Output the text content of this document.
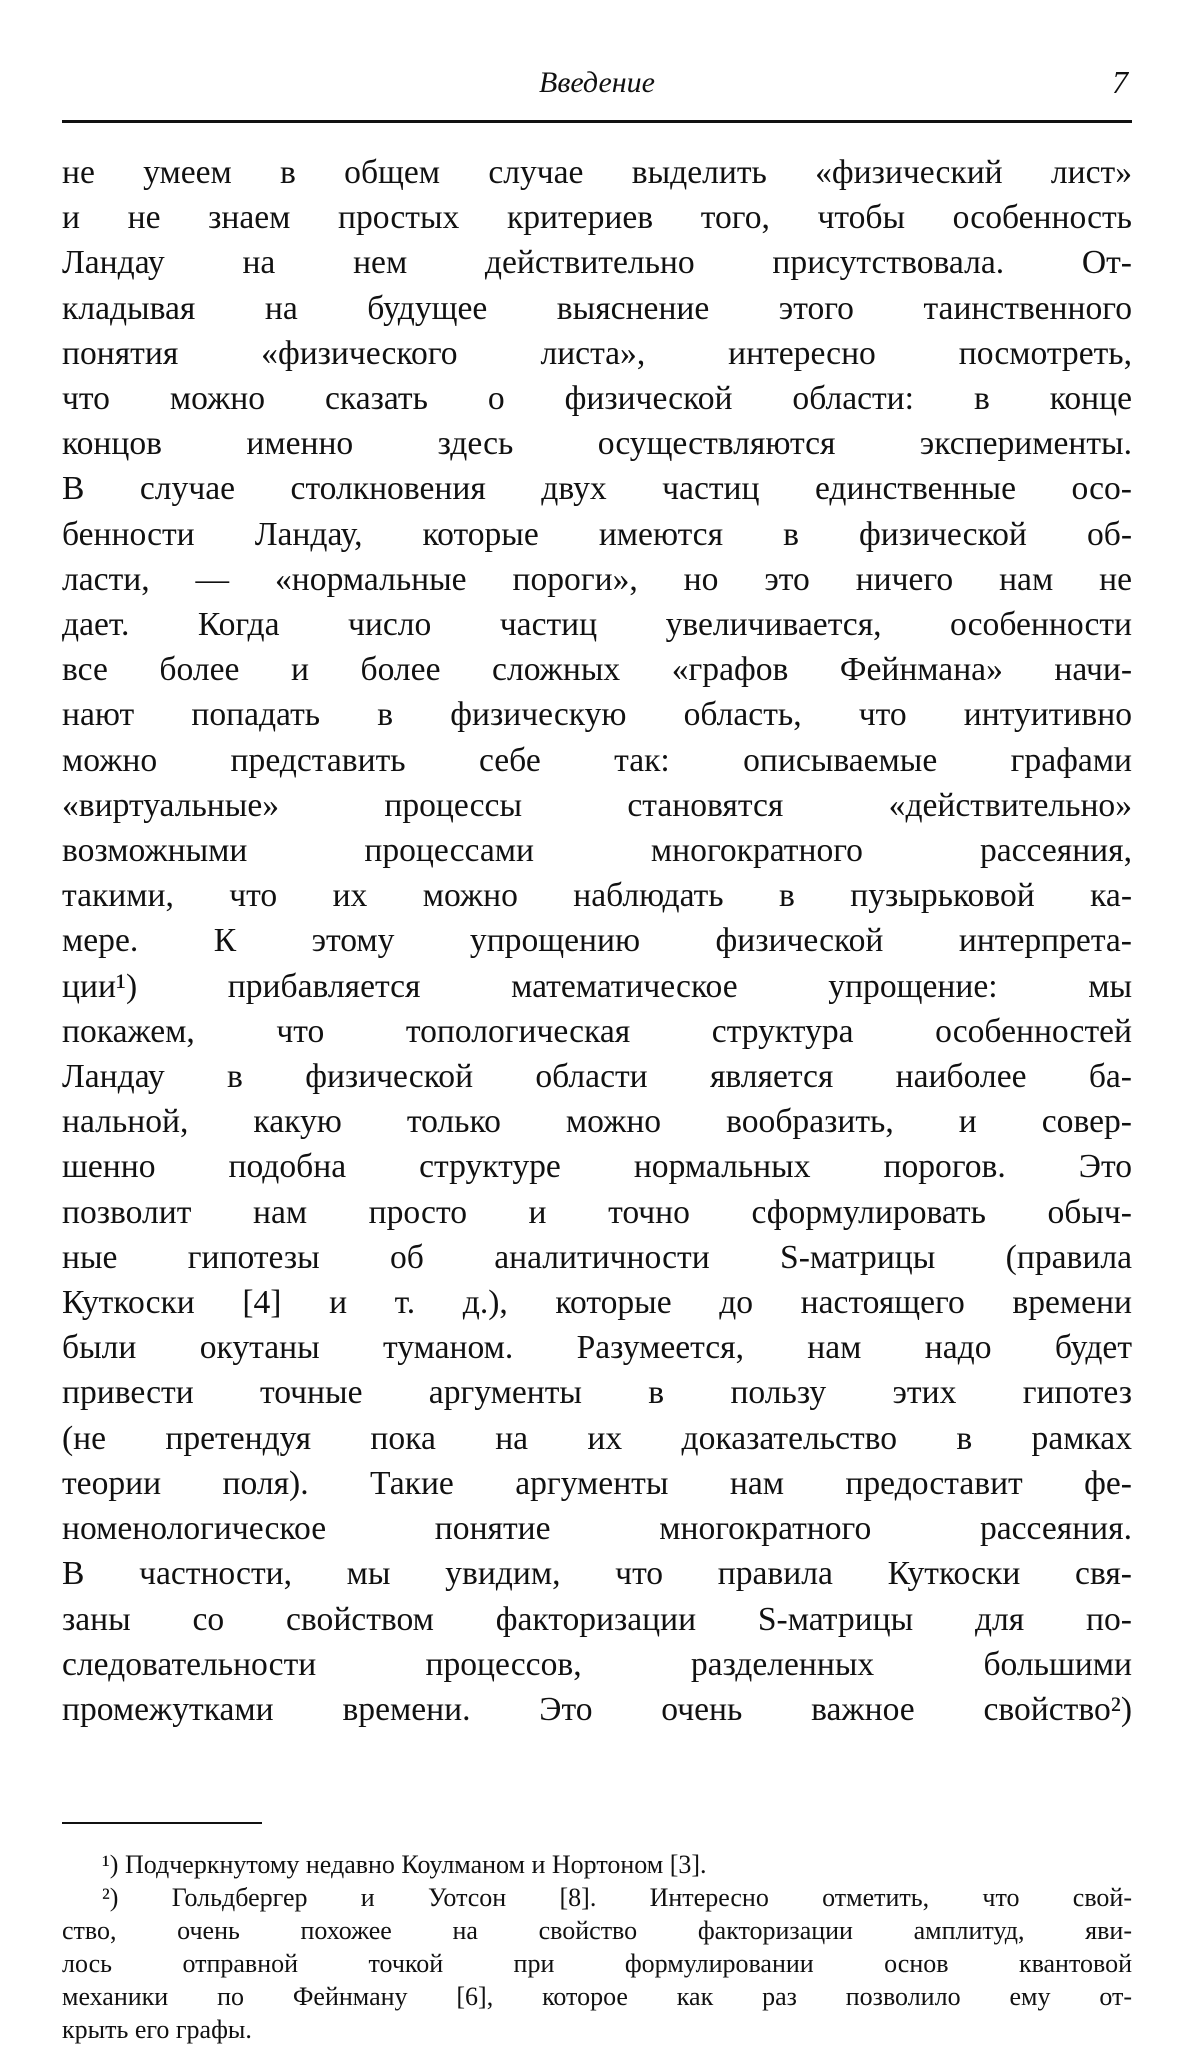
Введение	7
не умеем в общем случае выделить «физический лист»
и не знаем простых критериев того, чтобы особенность
Ландау на нем действительно присутствовала. От-
кладывая на будущее выяснение этого таинственного
понятия «физического листа», интересно посмотреть,
что можно сказать о физической области: в конце
концов именно здесь осуществляются эксперименты.
В случае столкновения двух частиц единственные осо-
бенности Ландау, которые имеются в физической об-
ласти, — «нормальные пороги», но это ничего нам не
дает. Когда число частиц увеличивается, особенности
все более и более сложных «графов Фейнмана» начи-
нают попадать в физическую область, что интуитивно
можно представить себе так: описываемые графами
«виртуальные» процессы становятся «действительно»
возможными процессами многократного рассеяния,
такими, что их можно наблюдать в пузырьковой ка-
мере. К этому упрощению физической интерпрета-
ции¹) прибавляется математическое упрощение: мы
покажем, что топологическая структура особенностей
Ландау в физической области является наиболее ба-
нальной, какую только можно вообразить, и совер-
шенно подобна структуре нормальных порогов. Это
позволит нам просто и точно сформулировать обыч-
ные гипотезы об аналитичности S-матрицы (правила
Куткоски [4] и т. д.), которые до настоящего времени
были окутаны туманом. Разумеется, нам надо будет
привести точные аргументы в пользу этих гипотез
(не претендуя пока на их доказательство в рамках
теории поля). Такие аргументы нам предоставит фе-
номенологическое понятие многократного рассеяния.
В частности, мы увидим, что правила Куткоски свя-
заны со свойством факторизации S-матрицы для по-
следовательности процессов, разделенных большими
промежутками времени. Это очень важное свойство²)
¹) Подчеркнутому недавно Коулманом и Нортоном [3].
²) Гольдбергер и Уотсон [8]. Интересно отметить, что свой-
ство, очень похожее на свойство факторизации амплитуд, яви-
лось отправной точкой при формулировании основ квантовой
механики по Фейнману [6], которое как раз позволило ему от-
крыть его графы.
